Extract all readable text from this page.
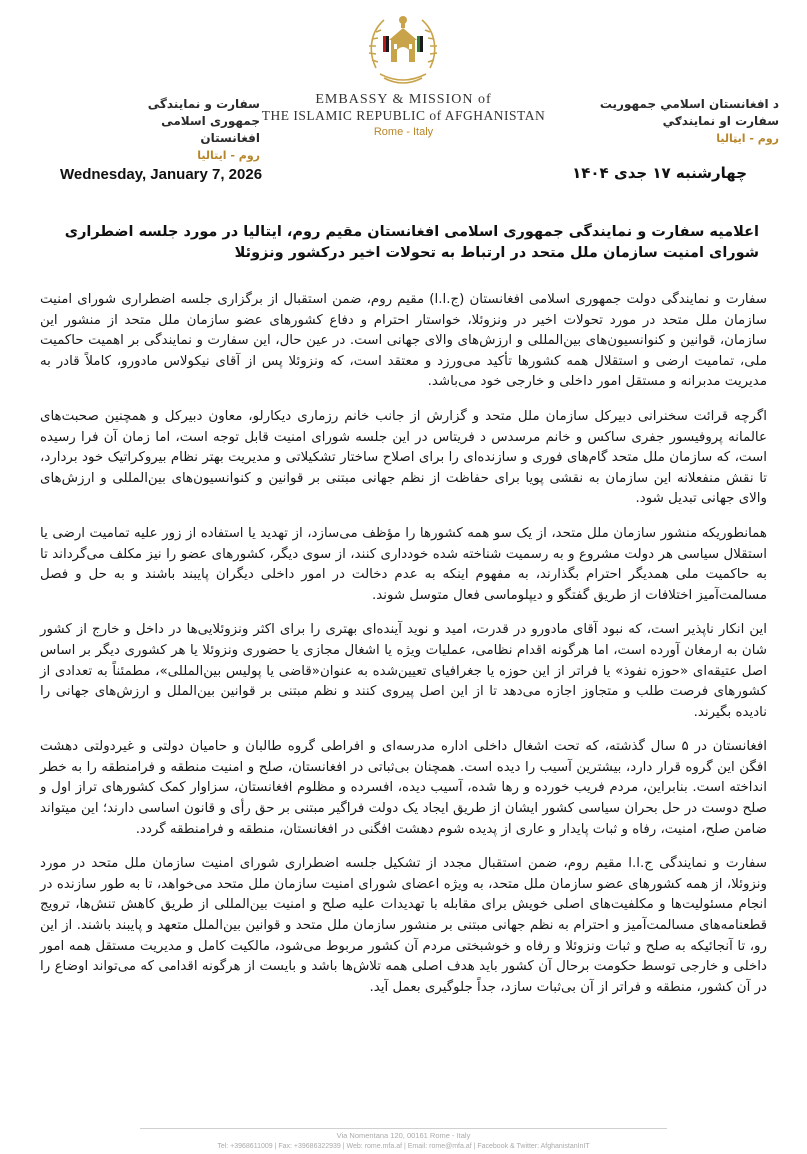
د افغانستان اسلامي جمهوریت
سفارت او نمایندګي
روم - ایټالیا
EMBASSY & MISSION of
THE ISLAMIC REPUBLIC of AFGHANISTAN
Rome - Italy
سفارت و نمایندگی
جمهوری اسلامی افغانستان
روم - ایتالیا
Wednesday, January 7, 2026	چهارشنبه ۱۷ جدی ۱۴۰۴
اعلامیه سفارت و نمایندگی جمهوری اسلامی افغانستان مقیم روم، ایتالیا در مورد جلسه اضطراری شورای امنیت سازمان ملل متحد در ارتباط به تحولات اخیر درکشور ونزوئلا

سفارت و نمایندگی دولت جمهوری اسلامی افغانستان (ج.ا.ا) مقیم روم، ضمن استقبال از برگزاری جلسه اضطراری شورای امنیت سازمان ملل متحد در مورد تحولات اخیر در ونزوئلا، خواستار احترام و دفاع کشورهای عضو سازمان ملل متحد از منشور این سازمان، قوانین و کنوانسیون‌های بین‌المللی و ارزش‌های والای جهانی است. در عین حال، این سفارت و نمایندگی بر اهمیت حاکمیت ملی، تمامیت ارضی و استقلال همه کشورها تأکید می‌ورزد و معتقد است، که ونزوئلا پس از آقای نیکولاس مادورو، کاملاً قادر به مدیریت مدبرانه و مستقل امور داخلی و خارجی خود می‌باشد.

اگرچه قرائت سخنرانی دبیرکل سازمان ملل متحد و گزارش از جانب خانم رزماری دیکارلو، معاون دبیرکل و همچنین صحبت‌های عالمانه پروفیسور جفری ساکس و خانم مرسدس د فریتاس در این جلسه شورای امنیت قابل توجه است، اما زمان آن فرا رسیده است، که سازمان ملل متحد گام‌های فوری و سازنده‌ای را برای اصلاح ساختار تشکیلاتی و مدیریت بهتر نظام بیروکراتیک خود بردارد، تا نقش منفعلانه این سازمان به نقشی پویا برای حفاظت از نظم جهانی مبتنی بر قوانین و کنوانسیون‌های بین‌المللی و ارزش‌های والای جهانی تبدیل شود.

همانطوریکه منشور سازمان ملل متحد، از یک سو همه کشورها را مؤظف می‌سازد، از تهدید یا استفاده از زور علیه تمامیت ارضی یا استقلال سیاسی هر دولت مشروع و به رسمیت شناخته شده خودداری کنند، از سوی دیگر، کشورهای عضو را نیز مکلف می‌گرداند تا به حاکمیت ملی همدیگر احترام بگذارند، به مفهوم اینکه به عدم دخالت در امور داخلی دیگران پایبند باشند و به حل و فصل مسالمت‌آمیز اختلافات از طریق گفتگو و دیپلوماسی فعال متوسل شوند.

این انکار ناپذیر است، که نبود آقای مادورو در قدرت، امید و نوید آینده‌ای بهتری را برای اکثر ونزوئلایی‌ها در داخل و خارج از کشور شان به ارمغان آورده است، اما هرگونه اقدام نظامی، عملیات ویژه یا اشغال مجازی یا حضوری ونزوئلا یا هر کشوری دیگر بر اساس اصل عتیقه‌ای «حوزه نفوذ» یا فراتر از این حوزه یا جغرافیای تعیین‌شده به عنوان«قاضی یا پولیس بین‌المللی»، مطمئناً به تعدادی از کشورهای فرصت طلب و متجاوز اجازه می‌دهد تا از این اصل پیروی کنند و نظم مبتنی بر قوانین بین‌الملل و ارزش‌های جهانی را نادیده بگیرند.

افغانستان در ۵ سال گذشته، که تحت اشغال داخلی اداره مدرسه‌ای و افراطی گروه طالبان و حامیان دولتی و غیردولتی دهشت افگن این گروه قرار دارد، بیشترین آسیب را دیده است. همچنان بی‌ثباتی در افغانستان، صلح و امنیت منطقه و فرامنطقه را به خطر انداخته است. بنابراین، مردم فریب خورده و رها شده، آسیب دیده، افسرده و مظلوم افغانستان، سزاوار کمک کشورهای تراز اول و صلح دوست در حل بحران سیاسی کشور ایشان از طریق ایجاد یک دولت فراگیر مبتنی بر حق رأی و قانون اساسی دارند؛ این میتواند ضامن صلح، امنیت، رفاه و ثبات پایدار و عاری از پدیده شوم دهشت افگنی در افغانستان، منطقه و فرامنطقه گردد.

سفارت و نمایندگی ج.ا.ا مقیم روم، ضمن استقبال مجدد از تشکیل جلسه اضطراری شورای امنیت سازمان ملل متحد در مورد ونزوئلا، از همه کشورهای عضو سازمان ملل متحد، به ویژه اعضای شورای امنیت سازمان ملل متحد می‌خواهد، تا به طور سازنده در انجام مسئولیت‌ها و مکلفیت‌های اصلی خویش برای مقابله با تهدیدات علیه صلح و امنیت بین‌المللی از طریق کاهش تنش‌ها، ترویج قطعنامه‌های مسالمت‌آمیز و احترام به نظم جهانی مبتنی بر منشور سازمان ملل متحد و قوانین بین‌الملل متعهد و پایبند باشند. از این رو، تا آنجائیکه به صلح و ثبات ونزوئلا و رفاه و خوشبختی مردم آن کشور مربوط می‌شود، مالکیت کامل و مدیریت مستقل همه امور داخلی و خارجی توسط حکومت برحال آن کشور باید هدف اصلی همه تلاش‌ها باشد و بایست از هرگونه اقدامی که می‌تواند اوضاع را در آن کشور، منطقه و فراتر از آن بی‌ثبات سازد، جداً جلوگیری بعمل آید.

Via Nomentana 120, 00161 Rome - Italy
Tel: +3968611009 | Fax: +39686322939 | Web: rome.mfa.af | Email: rome@mfa.af | Facebook & Twitter: AfghanistanInIT
